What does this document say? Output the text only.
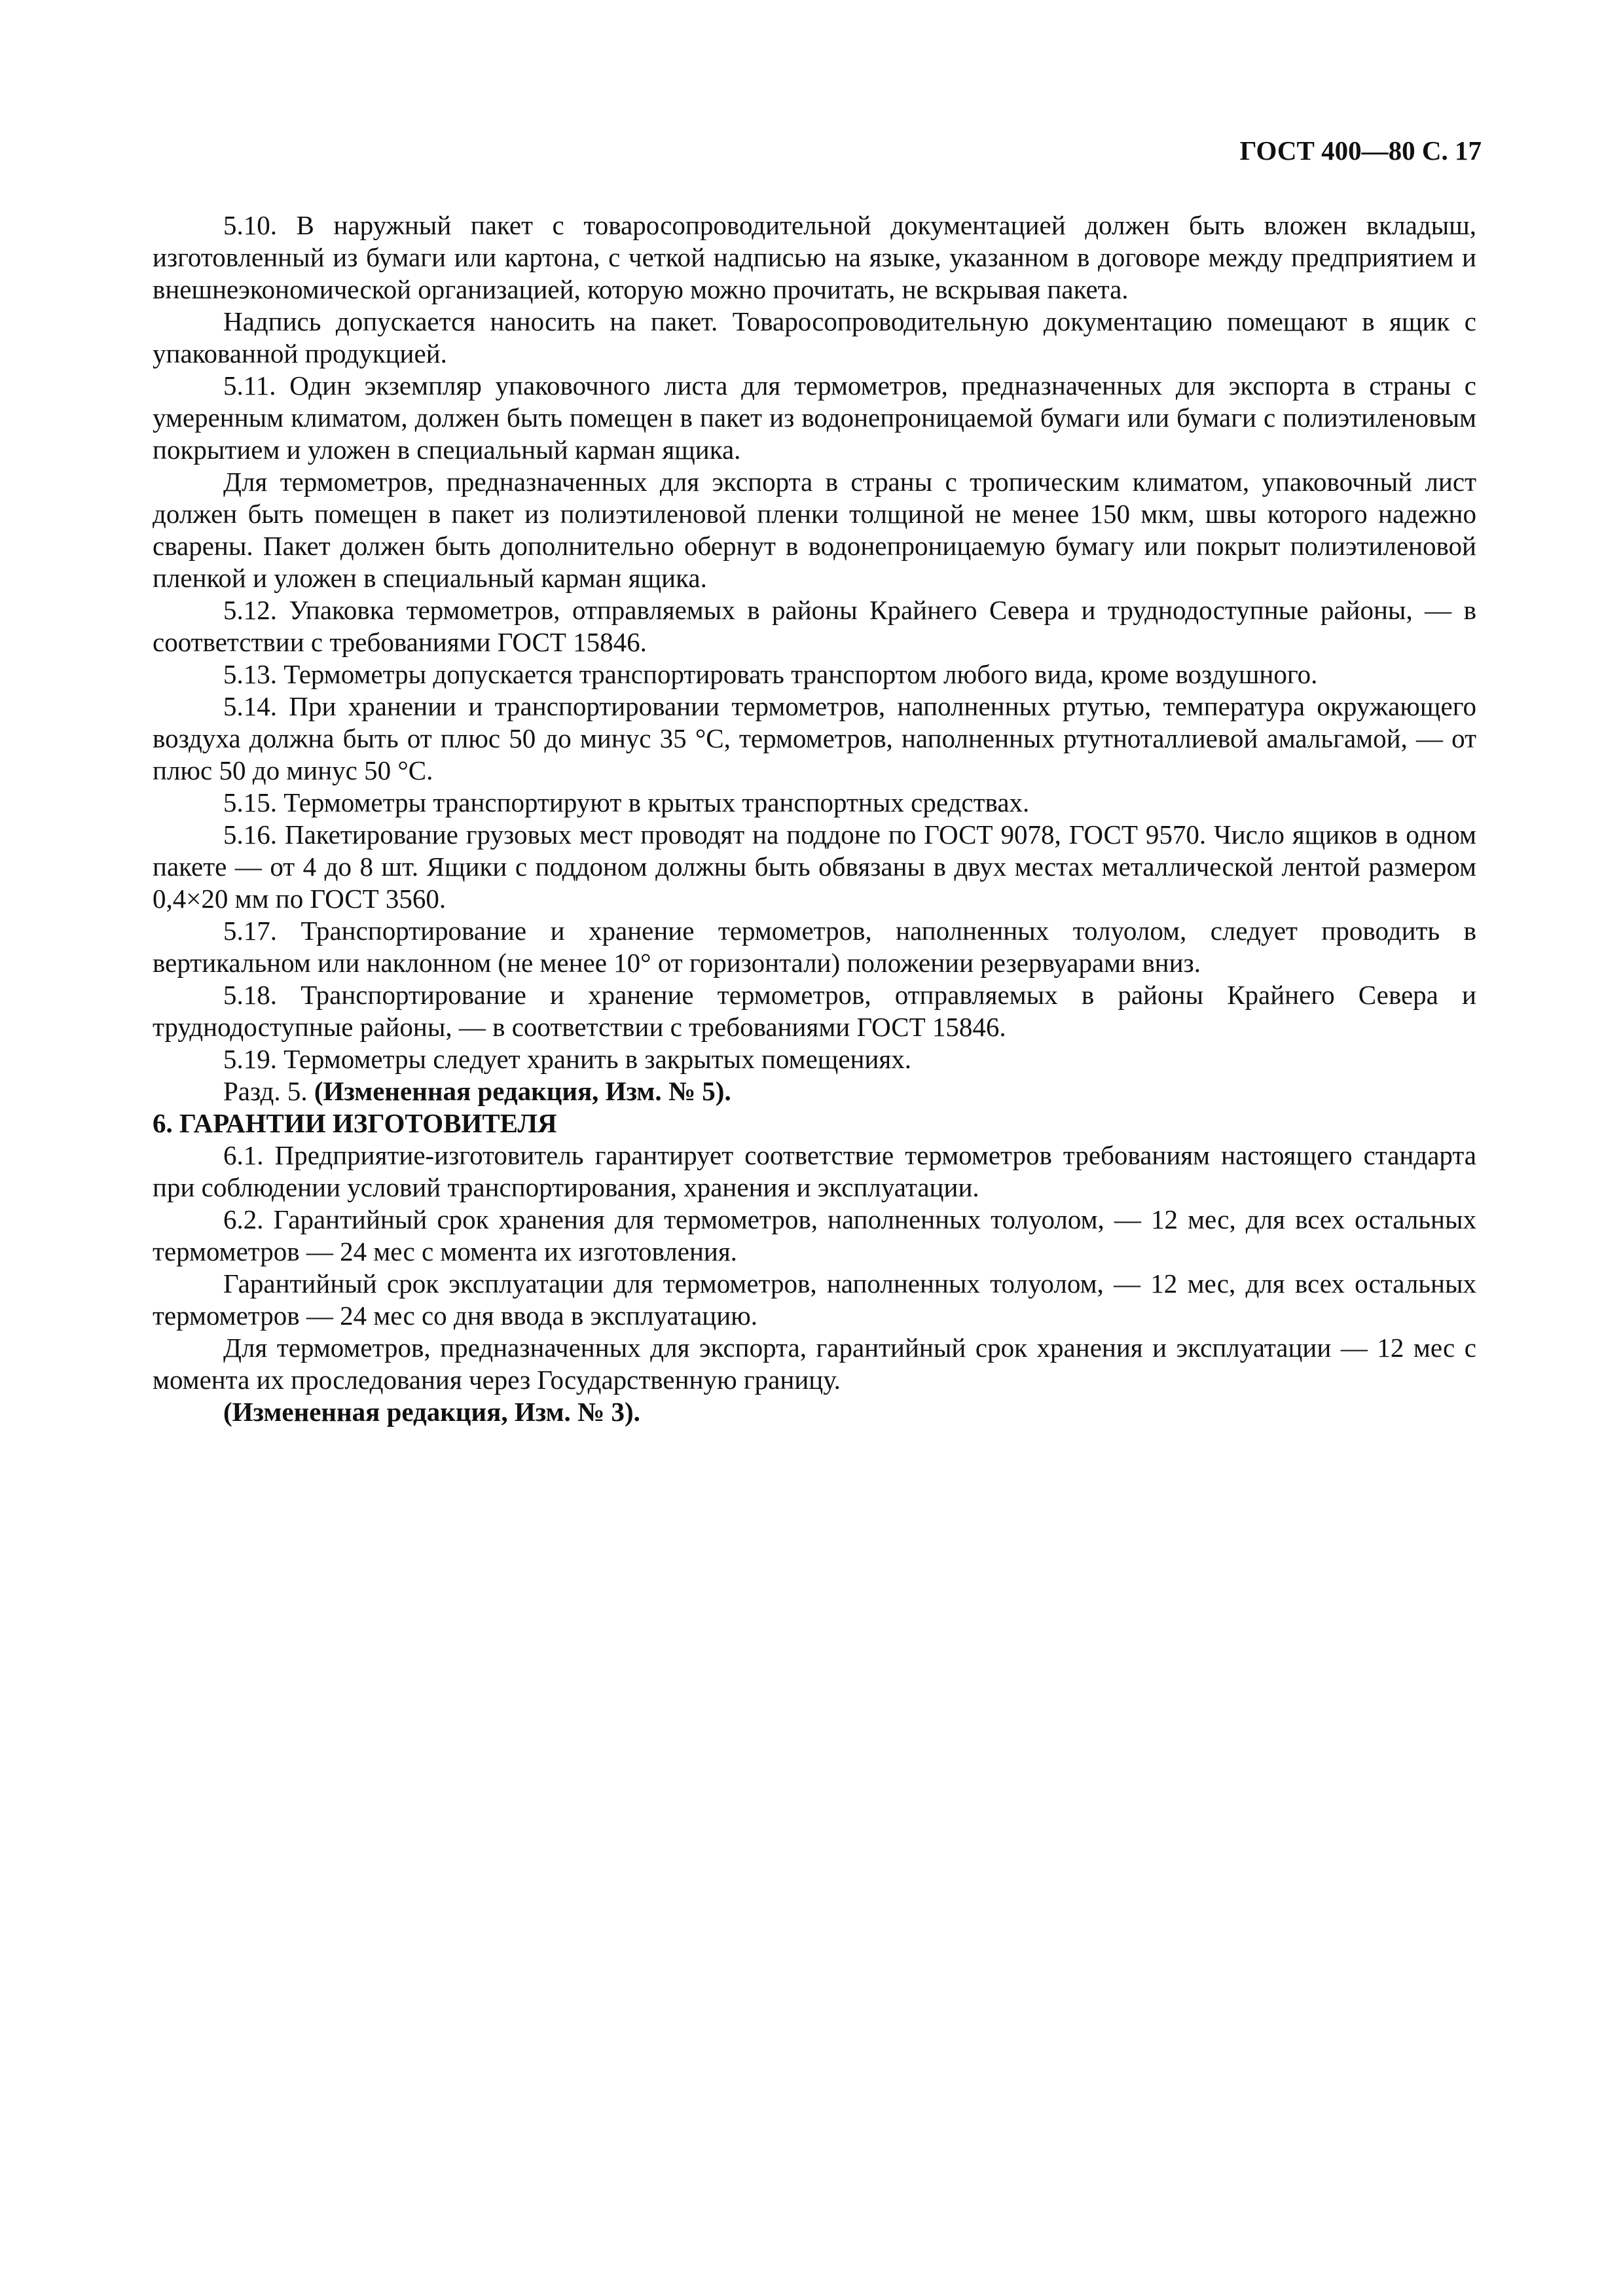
ГОСТ 400—80 С. 17

5.10. В наружный пакет с товаросопроводительной документацией должен быть вложен вкладыш, изготовленный из бумаги или картона, с четкой надписью на языке, указанном в договоре между предприятием и внешнеэкономической организацией, которую можно прочитать, не вскрывая пакета.

Надпись допускается наносить на пакет. Товаросопроводительную документацию помещают в ящик с упакованной продукцией.

5.11. Один экземпляр упаковочного листа для термометров, предназначенных для экспорта в страны с умеренным климатом, должен быть помещен в пакет из водонепроницаемой бумаги или бумаги с полиэтиленовым покрытием и уложен в специальный карман ящика.

Для термометров, предназначенных для экспорта в страны с тропическим климатом, упаковочный лист должен быть помещен в пакет из полиэтиленовой пленки толщиной не менее 150 мкм, швы которого надежно сварены. Пакет должен быть дополнительно обернут в водонепроницаемую бумагу или покрыт полиэтиленовой пленкой и уложен в специальный карман ящика.

5.12. Упаковка термометров, отправляемых в районы Крайнего Севера и труднодоступные районы, — в соответствии с требованиями ГОСТ 15846.

5.13. Термометры допускается транспортировать транспортом любого вида, кроме воздушного.

5.14. При хранении и транспортировании термометров, наполненных ртутью, температура окружающего воздуха должна быть от плюс 50 до минус 35 °С, термометров, наполненных ртутноталлиевой амальгамой, — от плюс 50 до минус 50 °С.

5.15. Термометры транспортируют в крытых транспортных средствах.

5.16. Пакетирование грузовых мест проводят на поддоне по ГОСТ 9078, ГОСТ 9570. Число ящиков в одном пакете — от 4 до 8 шт. Ящики с поддоном должны быть обвязаны в двух местах металлической лентой размером 0,4×20 мм по ГОСТ 3560.

5.17. Транспортирование и хранение термометров, наполненных толуолом, следует проводить в вертикальном или наклонном (не менее 10° от горизонтали) положении резервуарами вниз.

5.18. Транспортирование и хранение термометров, отправляемых в районы Крайнего Севера и труднодоступные районы, — в соответствии с требованиями ГОСТ 15846.

5.19. Термометры следует хранить в закрытых помещениях.

Разд. 5. (Измененная редакция, Изм. № 5).

6. ГАРАНТИИ ИЗГОТОВИТЕЛЯ

6.1. Предприятие-изготовитель гарантирует соответствие термометров требованиям настоящего стандарта при соблюдении условий транспортирования, хранения и эксплуатации.

6.2. Гарантийный срок хранения для термометров, наполненных толуолом, — 12 мес, для всех остальных термометров — 24 мес с момента их изготовления.

Гарантийный срок эксплуатации для термометров, наполненных толуолом, — 12 мес, для всех остальных термометров — 24 мес со дня ввода в эксплуатацию.

Для термометров, предназначенных для экспорта, гарантийный срок хранения и эксплуатации — 12 мес с момента их проследования через Государственную границу.

(Измененная редакция, Изм. № 3).
